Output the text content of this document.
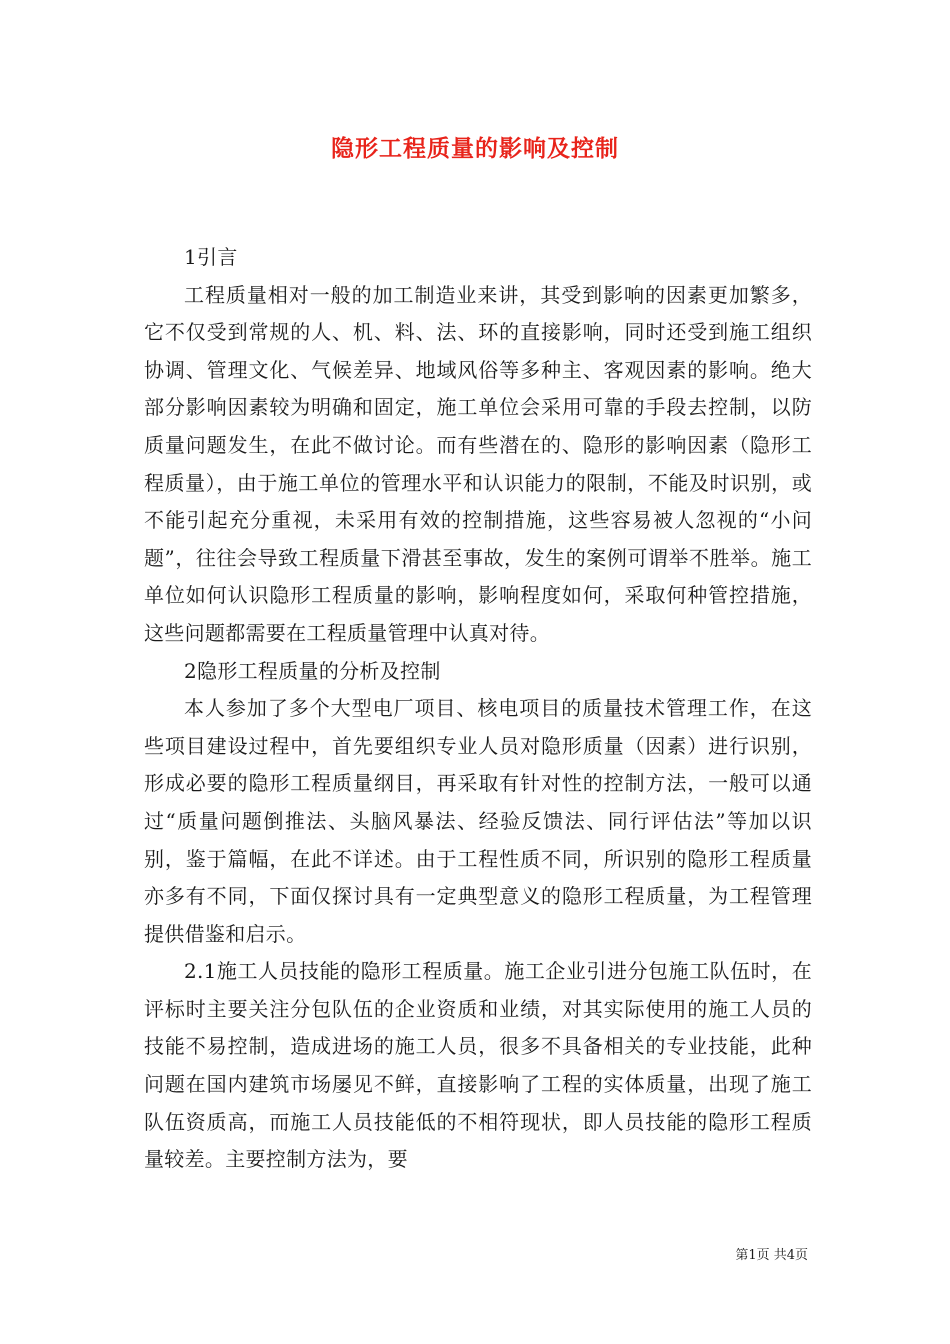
隐形工程质量的影响及控制

1引言

工程质量相对一般的加工制造业来讲，其受到影响的因素更加繁多，它不仅受到常规的人、机、料、法、环的直接影响，同时还受到施工组织协调、管理文化、气候差异、地域风俗等多种主、客观因素的影响。绝大部分影响因素较为明确和固定，施工单位会采用可靠的手段去控制，以防质量问题发生，在此不做讨论。而有些潜在的、隐形的影响因素（隐形工程质量），由于施工单位的管理水平和认识能力的限制，不能及时识别，或不能引起充分重视，未采用有效的控制措施，这些容易被人忽视的“小问题”，往往会导致工程质量下滑甚至事故，发生的案例可谓举不胜举。施工单位如何认识隐形工程质量的影响，影响程度如何，采取何种管控措施，这些问题都需要在工程质量管理中认真对待。

2隐形工程质量的分析及控制

本人参加了多个大型电厂项目、核电项目的质量技术管理工作，在这些项目建设过程中，首先要组织专业人员对隐形质量（因素）进行识别，形成必要的隐形工程质量纲目，再采取有针对性的控制方法，一般可以通过“质量问题倒推法、头脑风暴法、经验反馈法、同行评估法”等加以识别，鉴于篇幅，在此不详述。由于工程性质不同，所识别的隐形工程质量亦多有不同，下面仅探讨具有一定典型意义的隐形工程质量，为工程管理提供借鉴和启示。

2.1施工人员技能的隐形工程质量。施工企业引进分包施工队伍时，在评标时主要关注分包队伍的企业资质和业绩，对其实际使用的施工人员的技能不易控制，造成进场的施工人员，很多不具备相关的专业技能，此种问题在国内建筑市场屡见不鲜，直接影响了工程的实体质量，出现了施工队伍资质高，而施工人员技能低的不相符现状，即人员技能的隐形工程质量较差。主要控制方法为，要

第1页 共4页
